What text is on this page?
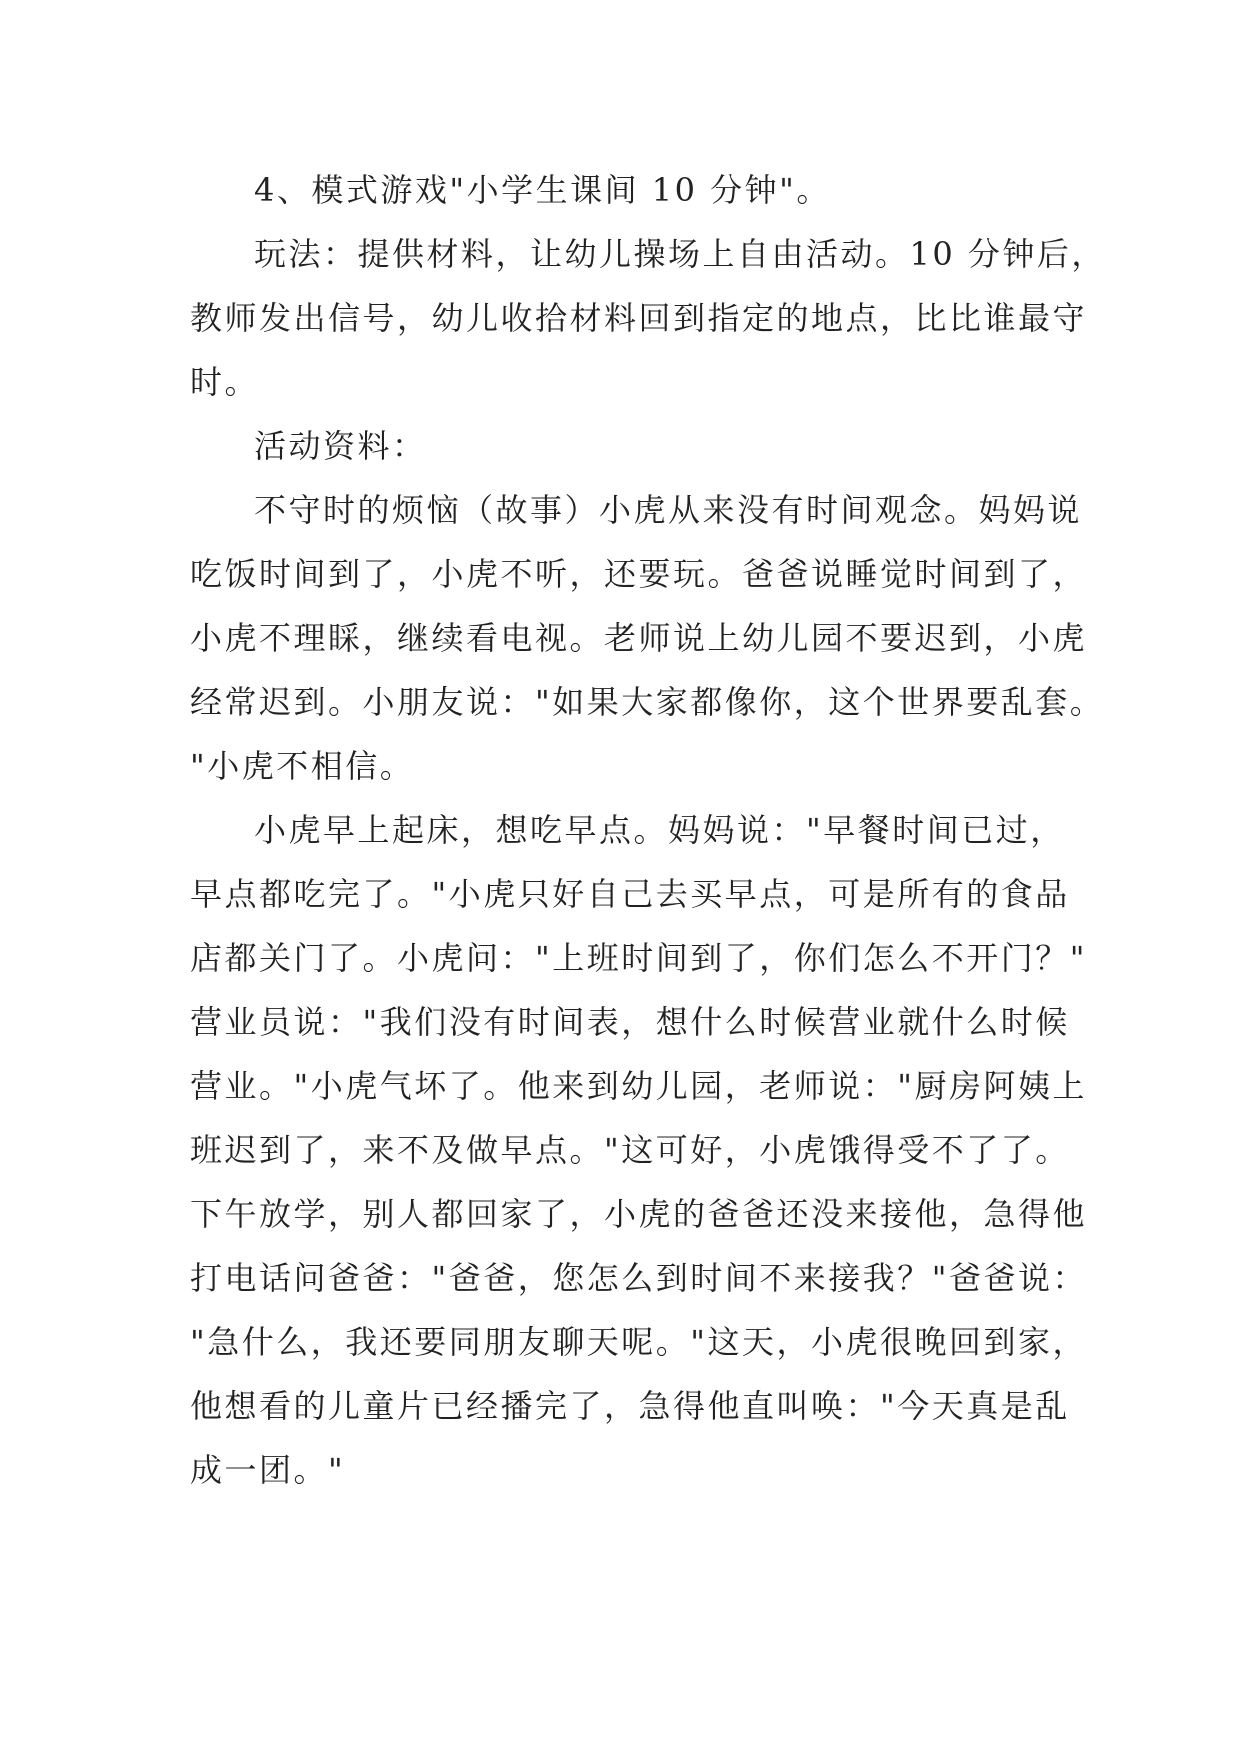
4、模式游戏"小学生课间 10 分钟"。
玩法：提供材料，让幼儿操场上自由活动。10 分钟后，
教师发出信号，幼儿收拾材料回到指定的地点，比比谁最守
时。
活动资料：
不守时的烦恼（故事）小虎从来没有时间观念。妈妈说
吃饭时间到了，小虎不听，还要玩。爸爸说睡觉时间到了，
小虎不理睬，继续看电视。老师说上幼儿园不要迟到，小虎
经常迟到。小朋友说："如果大家都像你，这个世界要乱套。
"小虎不相信。
小虎早上起床，想吃早点。妈妈说："早餐时间已过，
早点都吃完了。"小虎只好自己去买早点，可是所有的食品
店都关门了。小虎问："上班时间到了，你们怎么不开门？"
营业员说："我们没有时间表，想什么时候营业就什么时候
营业。"小虎气坏了。他来到幼儿园，老师说："厨房阿姨上
班迟到了，来不及做早点。"这可好，小虎饿得受不了了。
下午放学，别人都回家了，小虎的爸爸还没来接他，急得他
打电话问爸爸："爸爸，您怎么到时间不来接我？"爸爸说：
"急什么，我还要同朋友聊天呢。"这天，小虎很晚回到家，
他想看的儿童片已经播完了，急得他直叫唤："今天真是乱
成一团。"
